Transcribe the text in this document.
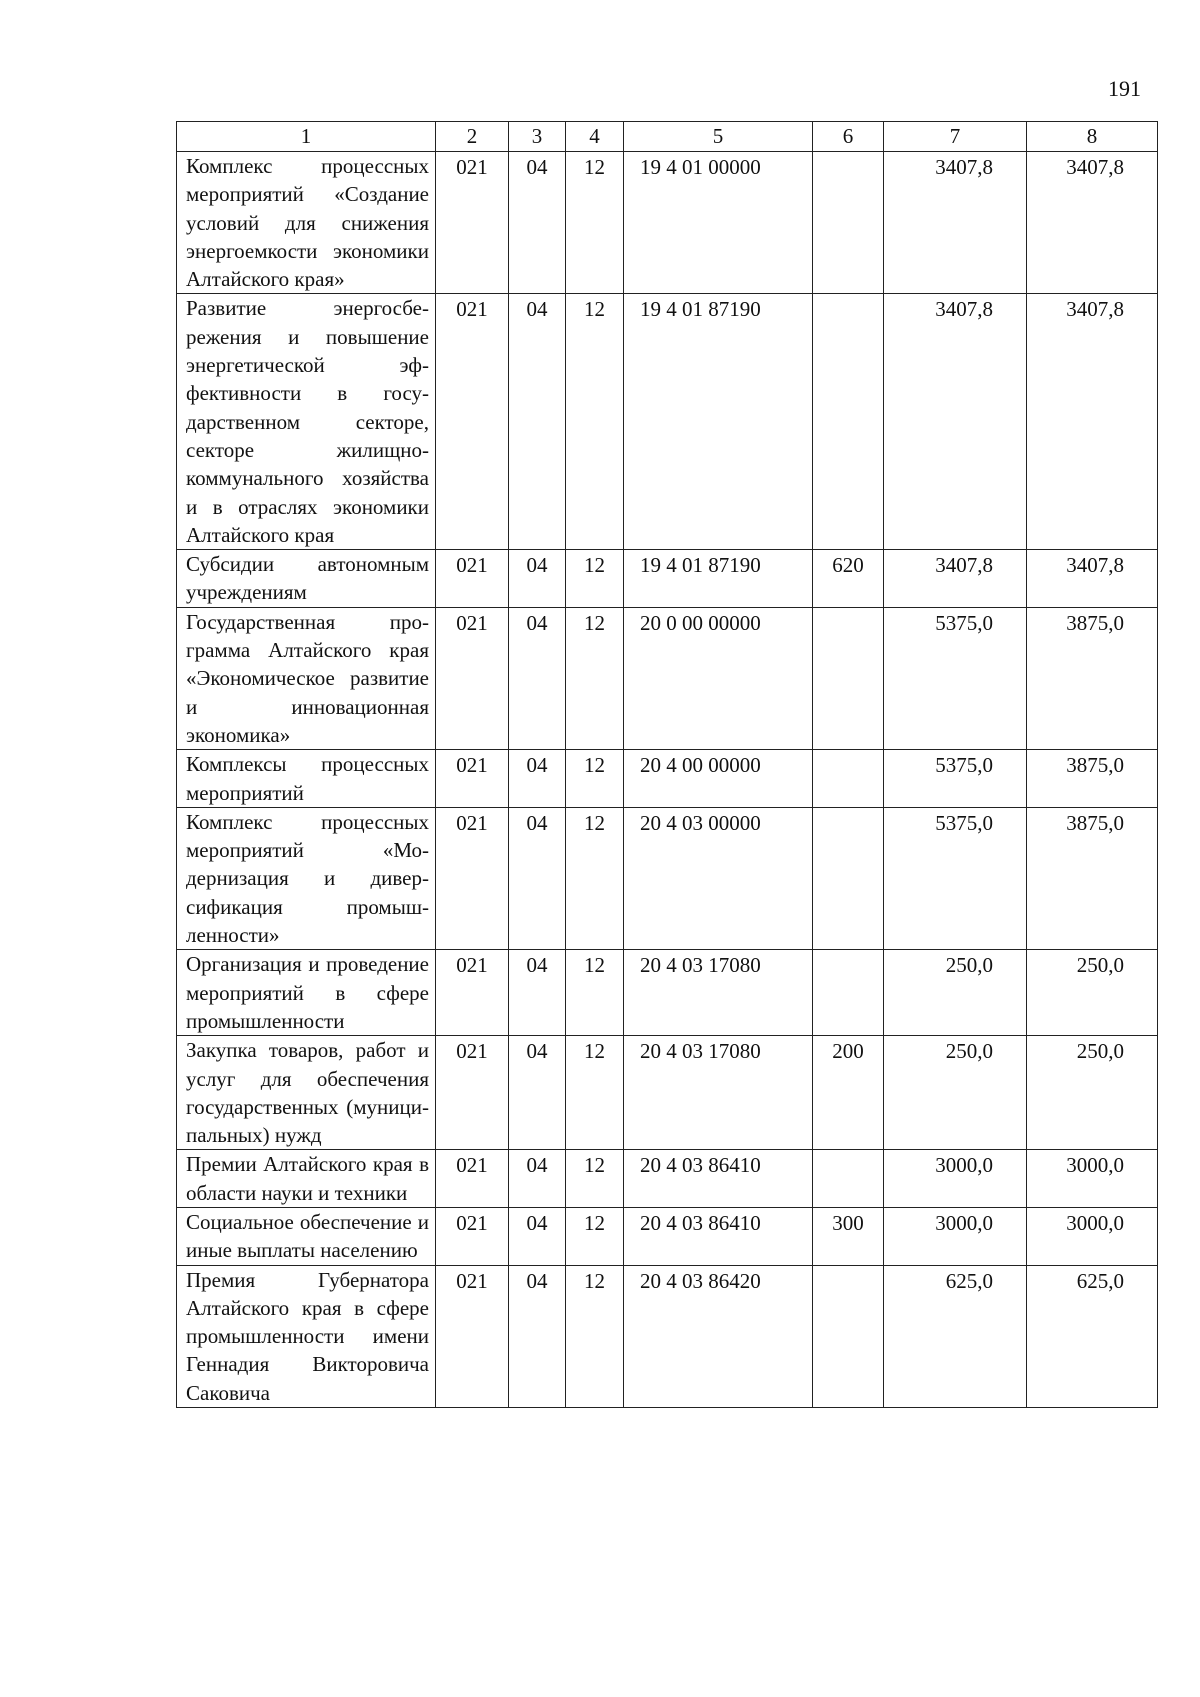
191
1	2	3	4	5	6	7	8
Комплекс процессных мероприятий «Создание условий для снижения энергоемкости экономики Алтайского края»	021	04	12	19 4 01 00000		3407,8	3407,8
Развитие энергосбережения и повышение энергетической эффективности в государственном секторе, секторе жилищно-коммунального хозяйства и в отраслях экономики Алтайского края	021	04	12	19 4 01 87190		3407,8	3407,8
Субсидии автономным учреждениям	021	04	12	19 4 01 87190	620	3407,8	3407,8
Государственная программа Алтайского края «Экономическое развитие и инновационная экономика»	021	04	12	20 0 00 00000		5375,0	3875,0
Комплексы процессных мероприятий	021	04	12	20 4 00 00000		5375,0	3875,0
Комплекс процессных мероприятий «Модернизация и диверсификация промышленности»	021	04	12	20 4 03 00000		5375,0	3875,0
Организация и проведение мероприятий в сфере промышленности	021	04	12	20 4 03 17080		250,0	250,0
Закупка товаров, работ и услуг для обеспечения государственных (муниципальных) нужд	021	04	12	20 4 03 17080	200	250,0	250,0
Премии Алтайского края в области науки и техники	021	04	12	20 4 03 86410		3000,0	3000,0
Социальное обеспечение и иные выплаты населению	021	04	12	20 4 03 86410	300	3000,0	3000,0
Премия Губернатора Алтайского края в сфере промышленности имени Геннадия Викторовича Саковича	021	04	12	20 4 03 86420		625,0	625,0
